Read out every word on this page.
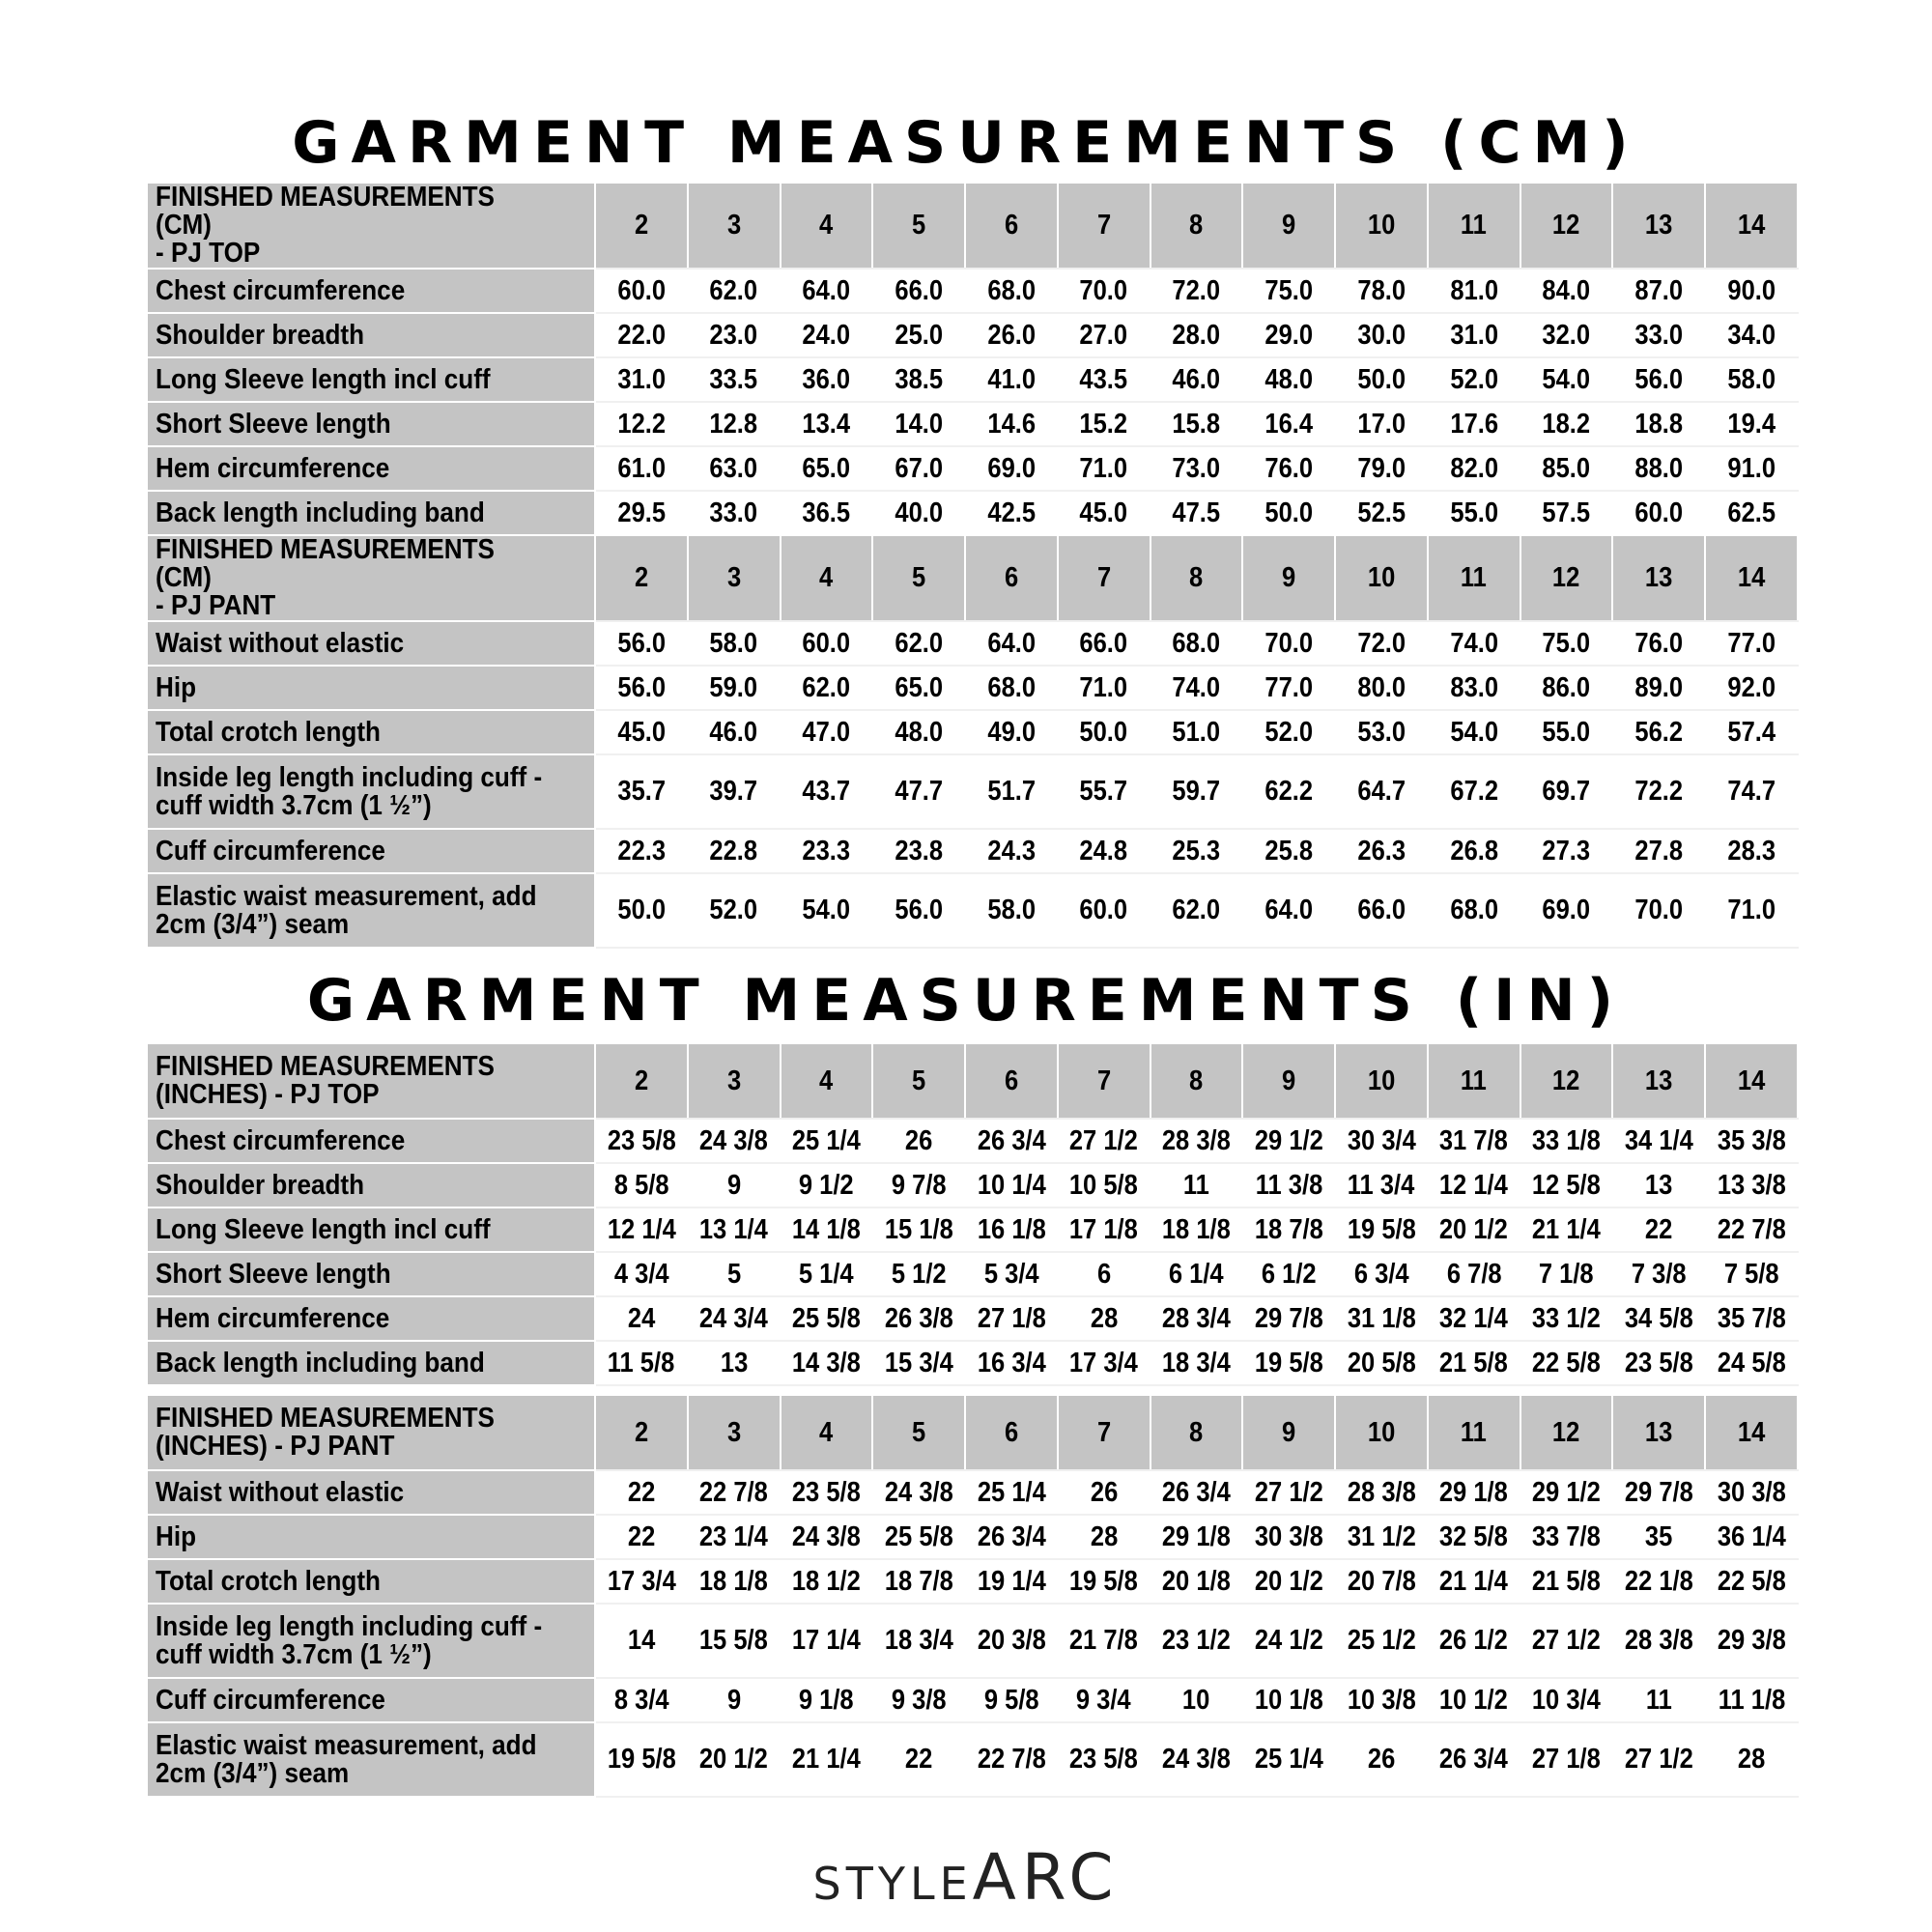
GARMENT MEASUREMENTS (CM)
FINISHED MEASUREMENTS (CM)
- PJ TOP	2	3	4	5	6	7	8	9	10	11	12	13	14
Chest circumference	60.0	62.0	64.0	66.0	68.0	70.0	72.0	75.0	78.0	81.0	84.0	87.0	90.0
Shoulder breadth	22.0	23.0	24.0	25.0	26.0	27.0	28.0	29.0	30.0	31.0	32.0	33.0	34.0
Long Sleeve length incl cuff	31.0	33.5	36.0	38.5	41.0	43.5	46.0	48.0	50.0	52.0	54.0	56.0	58.0
Short Sleeve length	12.2	12.8	13.4	14.0	14.6	15.2	15.8	16.4	17.0	17.6	18.2	18.8	19.4
Hem circumference	61.0	63.0	65.0	67.0	69.0	71.0	73.0	76.0	79.0	82.0	85.0	88.0	91.0
Back length including band	29.5	33.0	36.5	40.0	42.5	45.0	47.5	50.0	52.5	55.0	57.5	60.0	62.5
FINISHED MEASUREMENTS (CM)
- PJ PANT	2	3	4	5	6	7	8	9	10	11	12	13	14
Waist without elastic	56.0	58.0	60.0	62.0	64.0	66.0	68.0	70.0	72.0	74.0	75.0	76.0	77.0
Hip	56.0	59.0	62.0	65.0	68.0	71.0	74.0	77.0	80.0	83.0	86.0	89.0	92.0
Total crotch length	45.0	46.0	47.0	48.0	49.0	50.0	51.0	52.0	53.0	54.0	55.0	56.2	57.4
Inside leg length including cuff -
cuff width 3.7cm (1 ½”)	35.7	39.7	43.7	47.7	51.7	55.7	59.7	62.2	64.7	67.2	69.7	72.2	74.7
Cuff circumference	22.3	22.8	23.3	23.8	24.3	24.8	25.3	25.8	26.3	26.8	27.3	27.8	28.3
Elastic waist measurement, add
2cm (3/4”) seam	50.0	52.0	54.0	56.0	58.0	60.0	62.0	64.0	66.0	68.0	69.0	70.0	71.0
GARMENT MEASUREMENTS (IN)
FINISHED MEASUREMENTS
(INCHES) - PJ TOP	2	3	4	5	6	7	8	9	10	11	12	13	14
Chest circumference	23 5/8	24 3/8	25 1/4	26	26 3/4	27 1/2	28 3/8	29 1/2	30 3/4	31 7/8	33 1/8	34 1/4	35 3/8
Shoulder breadth	8 5/8	9	9 1/2	9 7/8	10 1/4	10 5/8	11	11 3/8	11 3/4	12 1/4	12 5/8	13	13 3/8
Long Sleeve length incl cuff	12 1/4	13 1/4	14 1/8	15 1/8	16 1/8	17 1/8	18 1/8	18 7/8	19 5/8	20 1/2	21 1/4	22	22 7/8
Short Sleeve length	4 3/4	5	5 1/4	5 1/2	5 3/4	6	6 1/4	6 1/2	6 3/4	6 7/8	7 1/8	7 3/8	7 5/8
Hem circumference	24	24 3/4	25 5/8	26 3/8	27 1/8	28	28 3/4	29 7/8	31 1/8	32 1/4	33 1/2	34 5/8	35 7/8
Back length including band	11 5/8	13	14 3/8	15 3/4	16 3/4	17 3/4	18 3/4	19 5/8	20 5/8	21 5/8	22 5/8	23 5/8	24 5/8
FINISHED MEASUREMENTS
(INCHES) - PJ PANT	2	3	4	5	6	7	8	9	10	11	12	13	14
Waist without elastic	22	22 7/8	23 5/8	24 3/8	25 1/4	26	26 3/4	27 1/2	28 3/8	29 1/8	29 1/2	29 7/8	30 3/8
Hip	22	23 1/4	24 3/8	25 5/8	26 3/4	28	29 1/8	30 3/8	31 1/2	32 5/8	33 7/8	35	36 1/4
Total crotch length	17 3/4	18 1/8	18 1/2	18 7/8	19 1/4	19 5/8	20 1/8	20 1/2	20 7/8	21 1/4	21 5/8	22 1/8	22 5/8
Inside leg length including cuff -
cuff width 3.7cm (1 ½”)	14	15 5/8	17 1/4	18 3/4	20 3/8	21 7/8	23 1/2	24 1/2	25 1/2	26 1/2	27 1/2	28 3/8	29 3/8
Cuff circumference	8 3/4	9	9 1/8	9 3/8	9 5/8	9 3/4	10	10 1/8	10 3/8	10 1/2	10 3/4	11	11 1/8
Elastic waist measurement, add
2cm (3/4”) seam	19 5/8	20 1/2	21 1/4	22	22 7/8	23 5/8	24 3/8	25 1/4	26	26 3/4	27 1/8	27 1/2	28
STYLEARC
